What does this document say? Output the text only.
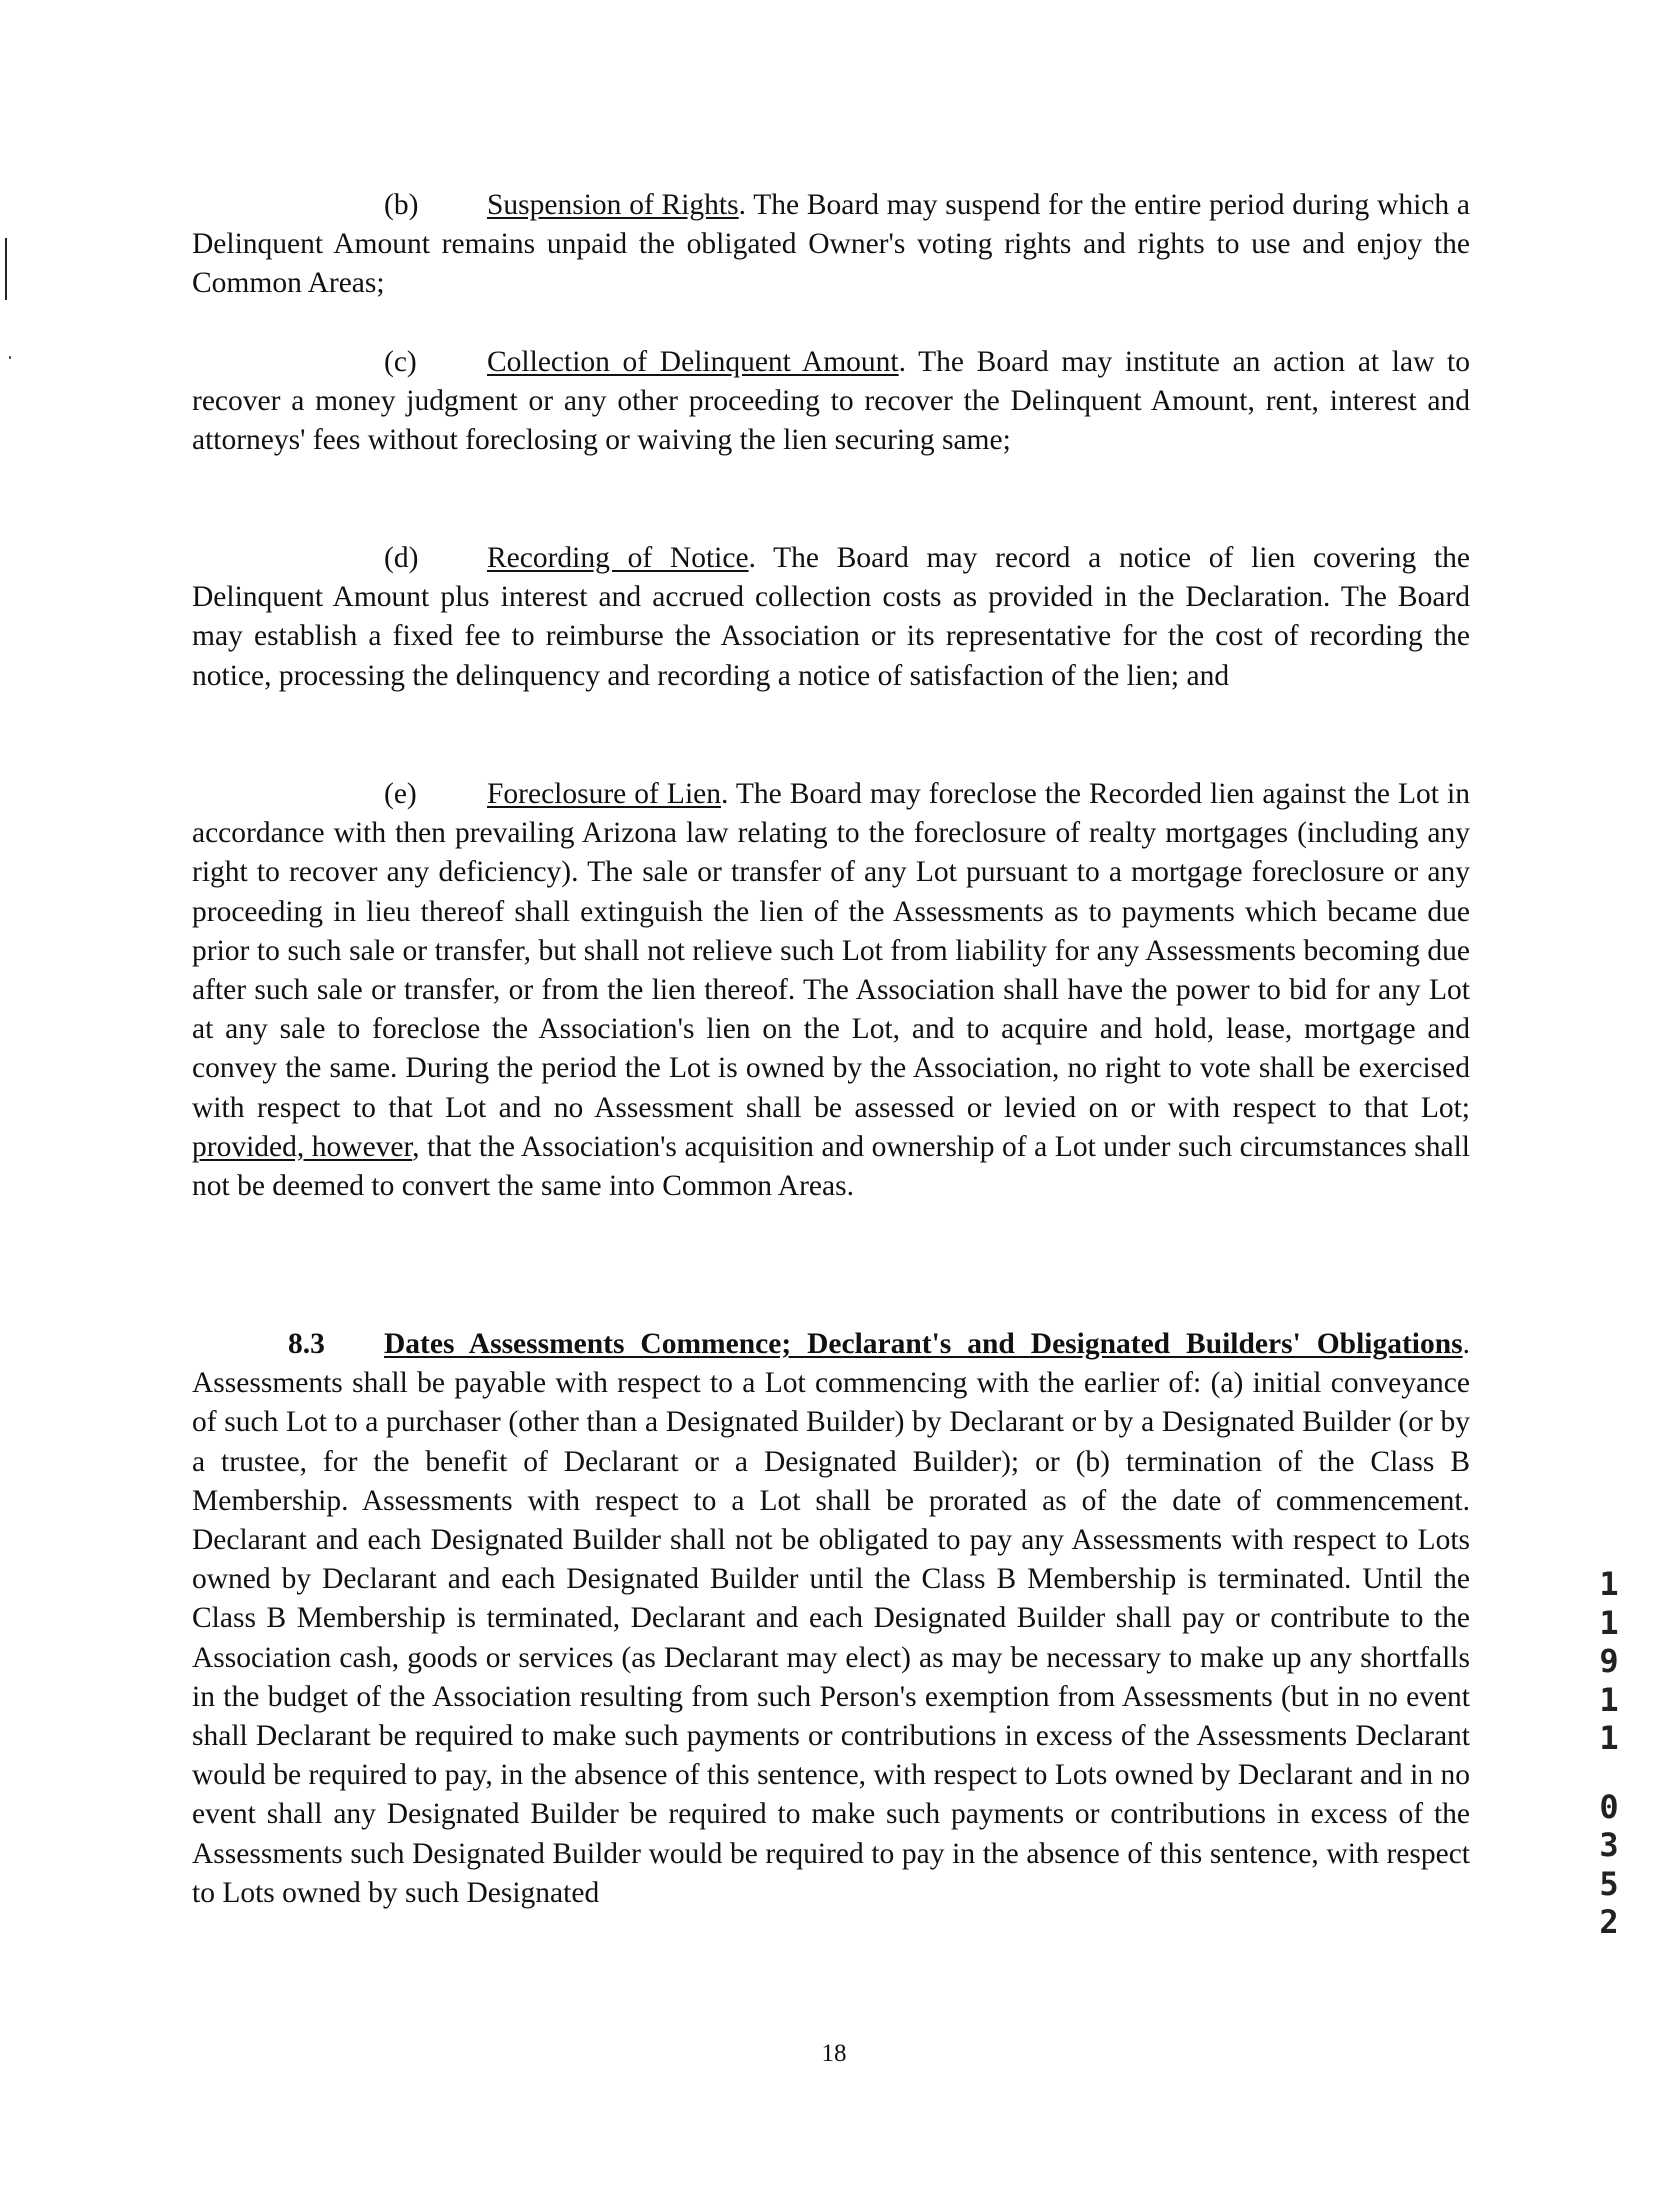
(b) Suspension of Rights. The Board may suspend for the entire period during which a Delinquent Amount remains unpaid the obligated Owner's voting rights and rights to use and enjoy the Common Areas;

(c) Collection of Delinquent Amount. The Board may institute an action at law to recover a money judgment or any other proceeding to recover the Delinquent Amount, rent, interest and attorneys' fees without foreclosing or waiving the lien securing same;

(d) Recording of Notice. The Board may record a notice of lien covering the Delinquent Amount plus interest and accrued collection costs as provided in the Declaration. The Board may establish a fixed fee to reimburse the Association or its representative for the cost of recording the notice, processing the delinquency and recording a notice of satisfaction of the lien; and

(e) Foreclosure of Lien. The Board may foreclose the Recorded lien against the Lot in accordance with then prevailing Arizona law relating to the foreclosure of realty mortgages (including any right to recover any deficiency). The sale or transfer of any Lot pursuant to a mortgage foreclosure or any proceeding in lieu thereof shall extinguish the lien of the Assessments as to payments which became due prior to such sale or transfer, but shall not relieve such Lot from liability for any Assessments becoming due after such sale or transfer, or from the lien thereof. The Association shall have the power to bid for any Lot at any sale to foreclose the Association's lien on the Lot, and to acquire and hold, lease, mortgage and convey the same. During the period the Lot is owned by the Association, no right to vote shall be exercised with respect to that Lot and no Assessment shall be assessed or levied on or with respect to that Lot; provided, however, that the Association's acquisition and ownership of a Lot under such circumstances shall not be deemed to convert the same into Common Areas.

8.3 Dates Assessments Commence; Declarant's and Designated Builders' Obligations. Assessments shall be payable with respect to a Lot commencing with the earlier of: (a) initial conveyance of such Lot to a purchaser (other than a Designated Builder) by Declarant or by a Designated Builder (or by a trustee, for the benefit of Declarant or a Designated Builder); or (b) termination of the Class B Membership. Assessments with respect to a Lot shall be prorated as of the date of commencement. Declarant and each Designated Builder shall not be obligated to pay any Assessments with respect to Lots owned by Declarant and each Designated Builder until the Class B Membership is terminated. Until the Class B Membership is terminated, Declarant and each Designated Builder shall pay or contribute to the Association cash, goods or services (as Declarant may elect) as may be necessary to make up any shortfalls in the budget of the Association resulting from such Person's exemption from Assessments (but in no event shall Declarant be required to make such payments or contributions in excess of the Assessments Declarant would be required to pay, in the absence of this sentence, with respect to Lots owned by Declarant and in no event shall any Designated Builder be required to make such payments or contributions in excess of the Assessments such Designated Builder would be required to pay in the absence of this sentence, with respect to Lots owned by such Designated

1
1
9
1
1
0
3
5
2
18
